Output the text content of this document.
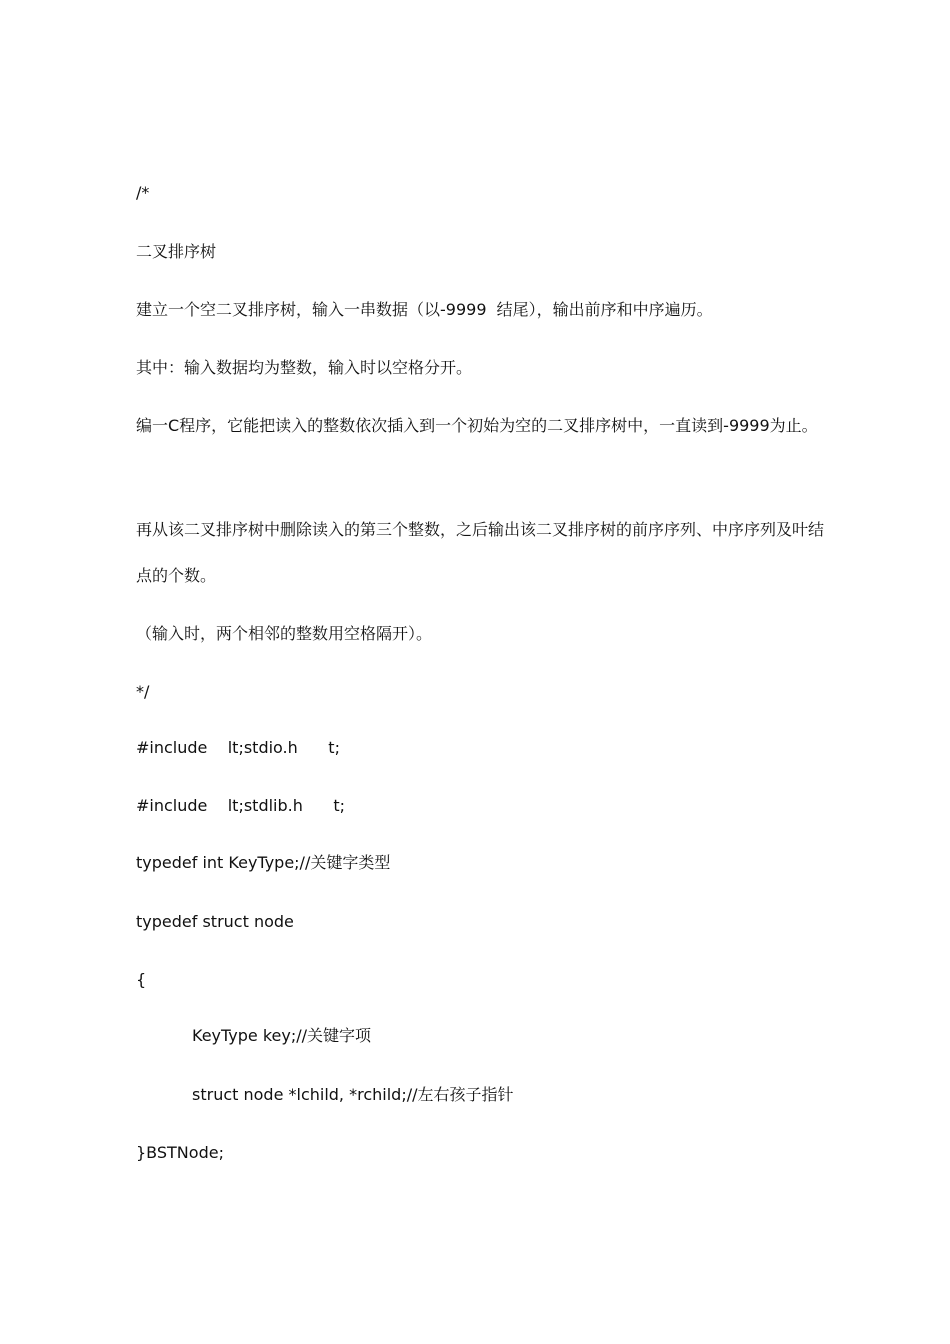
/*

二叉排序树

建立一个空二叉排序树，输入一串数据（以-9999  结尾），输出前序和中序遍历。

其中：输入数据均为整数，输入时以空格分开。

编一C程序，它能把读入的整数依次插入到一个初始为空的二叉排序树中，一直读到-9999为止。

再从该二叉排序树中删除读入的第三个整数，之后输出该二叉排序树的前序序列、中序序列及叶结点的个数。

（输入时，两个相邻的整数用空格隔开）。

*/

#include    lt;stdio.h      t;

#include    lt;stdlib.h      t;

typedef int KeyType;//关键字类型

typedef struct node

{

KeyType key;//关键字项

struct node *lchild, *rchild;//左右孩子指针

}BSTNode;
